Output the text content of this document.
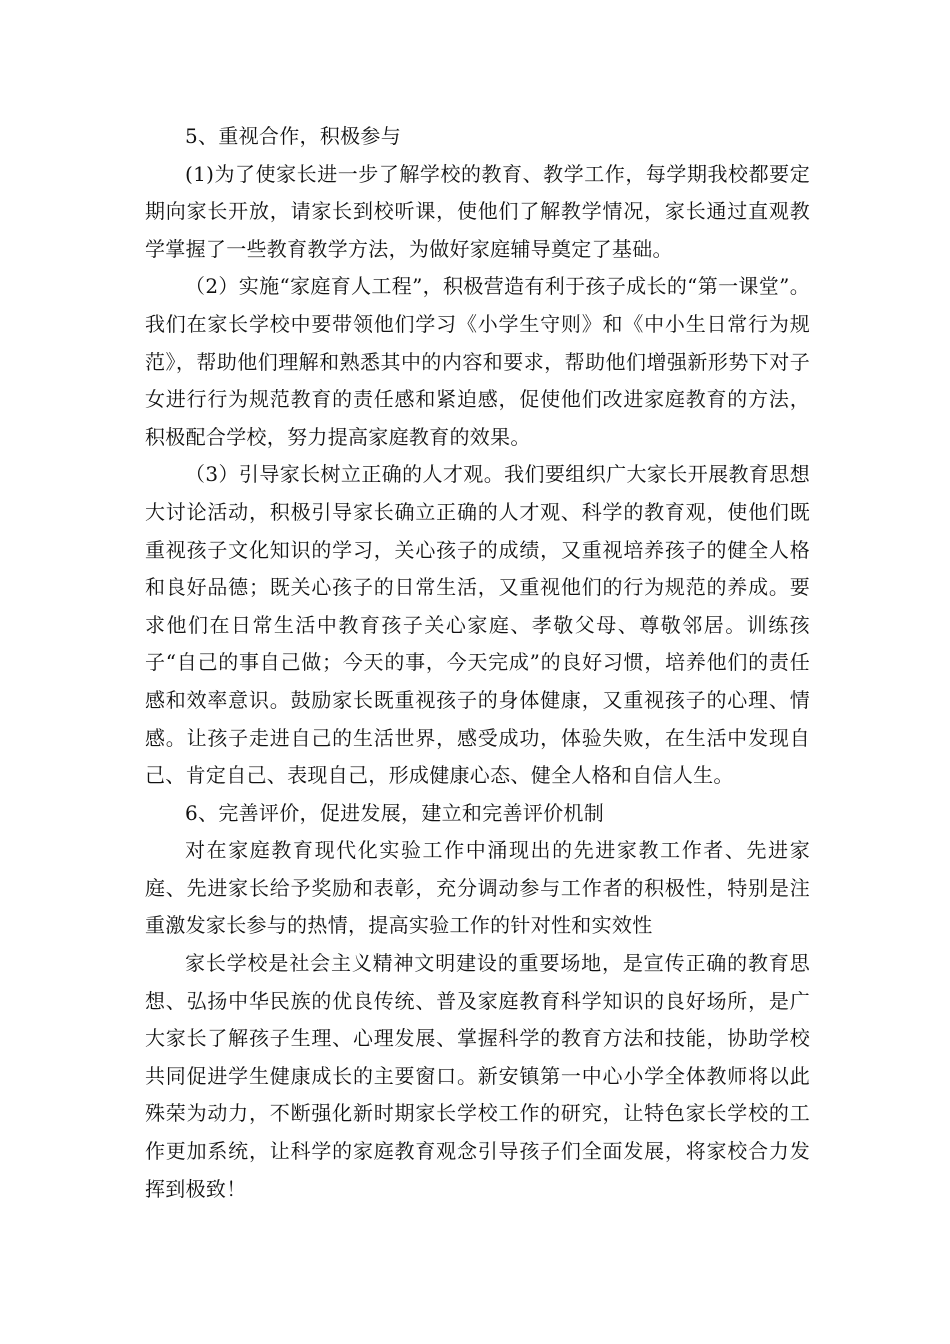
5、重视合作，积极参与

(1)为了使家长进一步了解学校的教育、教学工作，每学期我校都要定期向家长开放，请家长到校听课，使他们了解教学情况，家长通过直观教学掌握了一些教育教学方法，为做好家庭辅导奠定了基础。

（2）实施“家庭育人工程”，积极营造有利于孩子成长的“第一课堂”。我们在家长学校中要带领他们学习《小学生守则》和《中小生日常行为规范》，帮助他们理解和熟悉其中的内容和要求，帮助他们增强新形势下对子女进行行为规范教育的责任感和紧迫感，促使他们改进家庭教育的方法，积极配合学校，努力提高家庭教育的效果。

（3）引导家长树立正确的人才观。我们要组织广大家长开展教育思想大讨论活动，积极引导家长确立正确的人才观、科学的教育观，使他们既重视孩子文化知识的学习，关心孩子的成绩，又重视培养孩子的健全人格和良好品德；既关心孩子的日常生活，又重视他们的行为规范的养成。要求他们在日常生活中教育孩子关心家庭、孝敬父母、尊敬邻居。训练孩子“自己的事自己做；今天的事，今天完成”的良好习惯，培养他们的责任感和效率意识。鼓励家长既重视孩子的身体健康，又重视孩子的心理、情感。让孩子走进自己的生活世界，感受成功，体验失败，在生活中发现自己、肯定自己、表现自己，形成健康心态、健全人格和自信人生。

6、完善评价，促进发展，建立和完善评价机制

对在家庭教育现代化实验工作中涌现出的先进家教工作者、先进家庭、先进家长给予奖励和表彰，充分调动参与工作者的积极性，特别是注重激发家长参与的热情，提高实验工作的针对性和实效性

家长学校是社会主义精神文明建设的重要场地，是宣传正确的教育思想、弘扬中华民族的优良传统、普及家庭教育科学知识的良好场所，是广大家长了解孩子生理、心理发展、掌握科学的教育方法和技能，协助学校共同促进学生健康成长的主要窗口。新安镇第一中心小学全体教师将以此殊荣为动力，不断强化新时期家长学校工作的研究，让特色家长学校的工作更加系统，让科学的家庭教育观念引导孩子们全面发展，将家校合力发挥到极致！
